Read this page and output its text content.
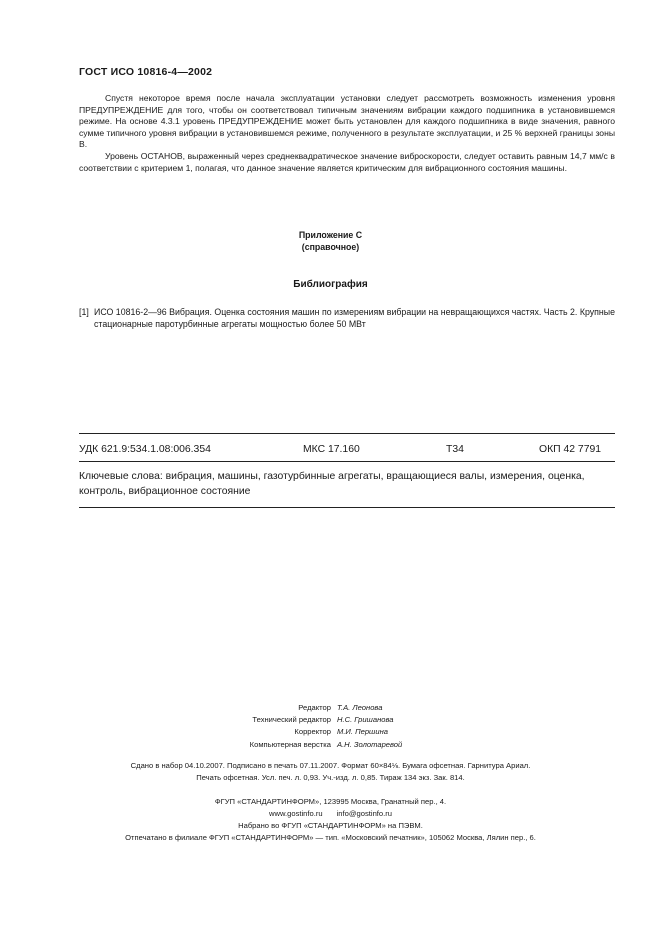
ГОСТ ИСО 10816-4—2002

Спустя некоторое время после начала эксплуатации установки следует рассмотреть возможность изменения уровня ПРЕДУПРЕЖДЕНИЕ для того, чтобы он соответствовал типичным значениям вибрации каждого подшипника в установившемся режиме. На основе 4.3.1 уровень ПРЕДУПРЕЖДЕНИЕ может быть установлен для каждого подшипника в виде значения, равного сумме типичного уровня вибрации в установившемся режиме, полученного в результате эксплуатации, и 25 % верхней границы зоны В.

Уровень ОСТАНОВ, выраженный через среднеквадратическое значение виброскорости, следует оставить равным 14,7 мм/с в соответствии с критерием 1, полагая, что данное значение является критическим для вибрационного состояния машины.

Приложение С
(справочное)
Библиография
[1] ИСО 10816-2—96 Вибрация. Оценка состояния машин по измерениям вибрации на невращающихся частях. Часть 2. Крупные стационарные паротурбинные агрегаты мощностью более 50 МВт
УДК 621.9:534.1.08:006.354	МКС 17.160	Т34	ОКП 42 7791
Ключевые слова: вибрация, машины, газотурбинные агрегаты, вращающиеся валы, измерения, оценка, контроль, вибрационное состояние
Редактор Т.А. Леонова
Технический редактор Н.С. Гришанова
Корректор М.И. Першина
Компьютерная верстка А.Н. Золотаревой
Сдано в набор 04.10.2007. Подписано в печать 07.11.2007. Формат 60×84⅛. Бумага офсетная. Гарнитура Ариал.
Печать офсетная. Усл. печ. л. 0,93. Уч.-изд. л. 0,85. Тираж 134 экз. Зак. 814.
ФГУП «СТАНДАРТИНФОРМ», 123995 Москва, Гранатный пер., 4.
www.gostinfo.ru info@gostinfo.ru
Набрано во ФГУП «СТАНДАРТИНФОРМ» на ПЭВМ.
Отпечатано в филиале ФГУП «СТАНДАРТИНФОРМ» — тип. «Московский печатник», 105062 Москва, Лялин пер., 6.
